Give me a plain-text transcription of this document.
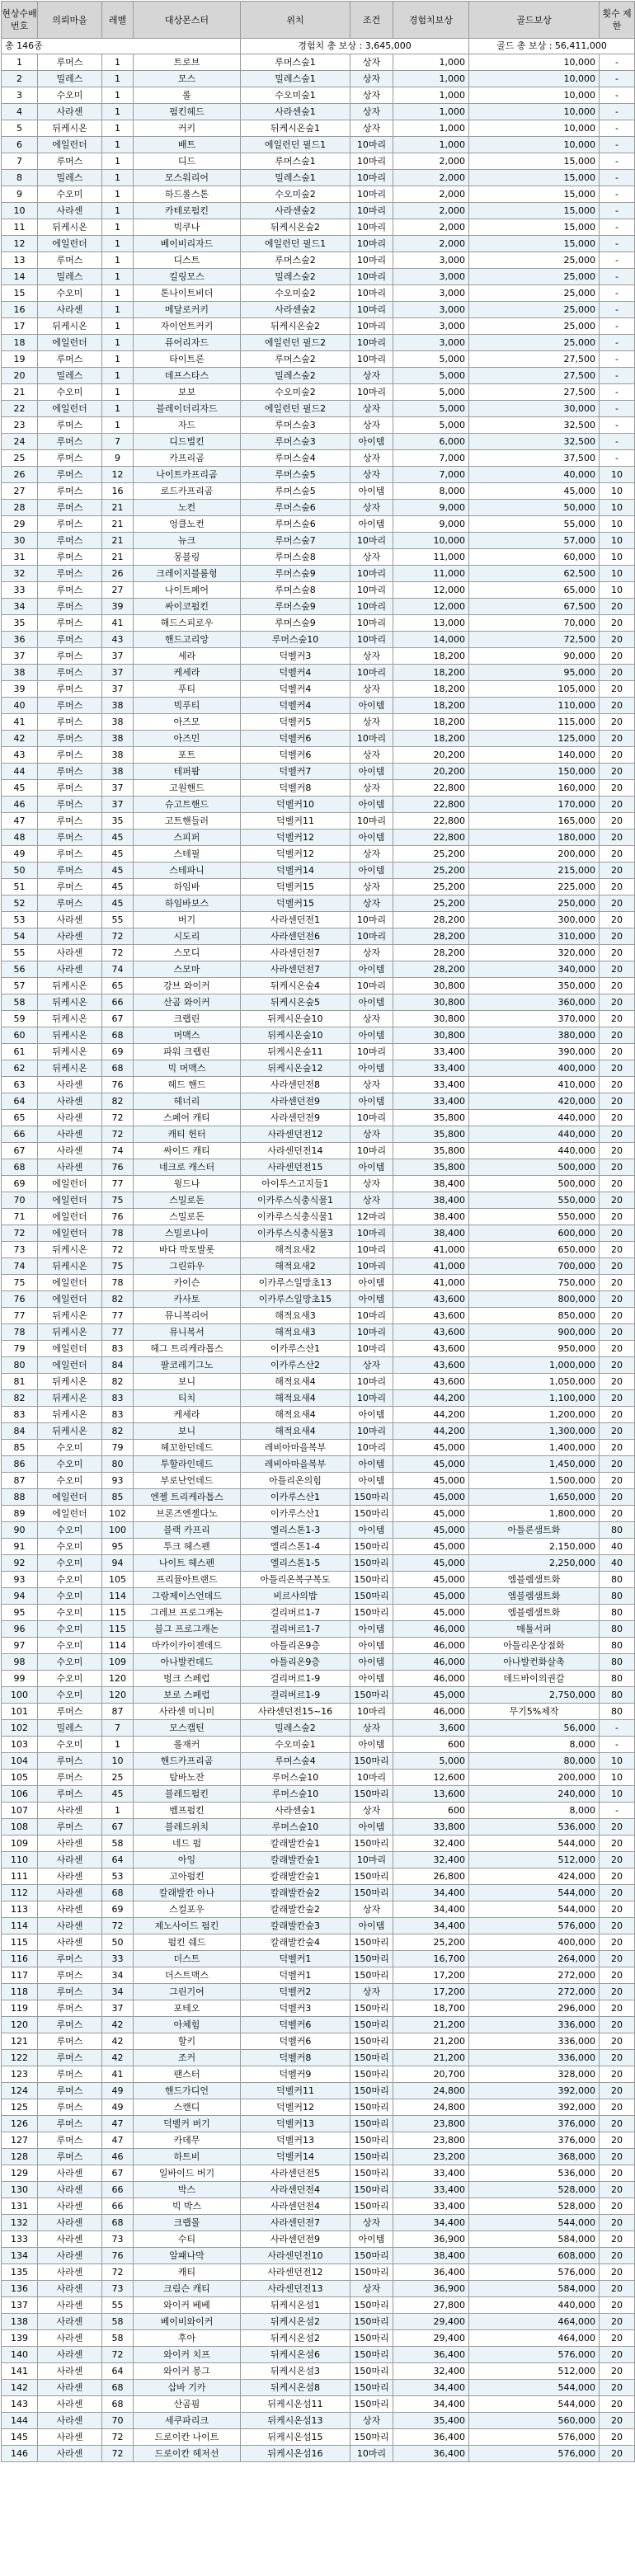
현상수배 번호	의뢰마을	레벨	대상몬스터	위치	조건	경험치보상	골드보상	횟수 제한
총 146종				경험치 총 보상 : 3,645,000			골드 총 보상 : 56,411,000	
1	루머스	1	트로브	루머스숲1	상자	1,000	10,000	-
2	밀레스	1	모스	밀레스숲1	상자	1,000	10,000	-
3	수오미	1	롤	수오미숲1	상자	1,000	10,000	-
4	사라센	1	펌킨헤드	사라센숲1	상자	1,000	10,000	-
5	뒤케시온	1	커키	뒤케시온숲1	상자	1,000	10,000	-
6	에일런더	1	배트	에일런던 필드1	10마리	1,000	10,000	-
7	루머스	1	디드	루머스숲1	10마리	2,000	15,000	-
8	밀레스	1	모스워리어	밀레스숲1	10마리	2,000	15,000	-
9	수오미	1	하드롤스톤	수오미숲2	10마리	2,000	15,000	-
10	사라센	1	카테로펌킨	사라센숲2	10마리	2,000	15,000	-
11	뒤케시온	1	빅쿠나	뒤케시온숲2	10마리	2,000	15,000	-
12	에일런더	1	베이비리자드	에일런던 필드1	10마리	2,000	15,000	-
13	루머스	1	디스트	루머스숲2	10마리	3,000	25,000	-
14	밀레스	1	킬링모스	밀레스숲2	10마리	3,000	25,000	-
15	수오미	1	톤나이트비더	수오미숲2	10마리	3,000	25,000	-
16	사라센	1	메달로커키	사라센숲2	10마리	3,000	25,000	-
17	뒤케시온	1	자이언트커키	뒤케시온숲2	10마리	3,000	25,000	-
18	에일런더	1	퓨어리자드	에일런던 필드2	10마리	3,000	25,000	-
19	루머스	1	타이트론	루머스숲2	10마리	5,000	27,500	-
20	밀레스	1	데프스타스	밀레스숲2	상자	5,000	27,500	-
21	수오미	1	보보	수오미숲2	10마리	5,000	27,500	-
22	에일런더	1	블레이더리자드	에일런던 필드2	상자	5,000	30,000	-
23	루머스	1	자드	루머스숲3	상자	5,000	32,500	-
24	루머스	7	디드벌킨	루머스숲3	아이템	6,000	32,500	-
25	루머스	9	카프리곰	루머스숲4	상자	7,000	37,500	-
26	루머스	12	나이트카프리곰	루머스숲5	상자	7,000	40,000	10
27	루머스	16	로드카프리곰	루머스숲5	아이템	8,000	45,000	10
28	루머스	21	노컨	루머스숲6	상자	9,000	50,000	10
29	루머스	21	엉클노컨	루머스숲6	아이템	9,000	55,000	10
30	루머스	21	뉴크	루머스숲7	10마리	10,000	57,000	10
31	루머스	21	몽블링	루머스숲8	상자	11,000	60,000	10
32	루머스	26	크레이지블룸헝	루머스숲9	10마리	11,000	62,500	10
33	루머스	27	나이트페어	루머스숲8	10마리	12,000	65,000	10
34	루머스	39	싸이코펌킨	루머스숲9	10마리	12,000	67,500	20
35	루머스	41	해드스피로우	루머스숲9	10마리	13,000	70,000	20
36	루머스	43	핸드고리앙	루머스숲10	10마리	14,000	72,500	20
37	루머스	37	세라	덕벨커3	상자	18,200	90,000	20
38	루머스	37	케세라	덕벨커4	10마리	18,200	95,000	20
39	루머스	37	푸티	덕벨커4	상자	18,200	105,000	20
40	루머스	38	빅푸티	덕벨커4	아이템	18,200	110,000	20
41	루머스	38	아즈모	덕벨커5	상자	18,200	115,000	20
42	루머스	38	아즈민	덕벨커6	10마리	18,200	125,000	20
43	루머스	38	포트	덕벨커6	상자	20,200	140,000	20
44	루머스	38	테퍼팜	덕벨커7	아이템	20,200	150,000	20
45	루머스	37	고원핸드	덕벨커8	상자	22,800	160,000	20
46	루머스	37	슈고트핸드	덕벨커10	아이템	22,800	170,000	20
47	루머스	35	고트핸들러	덕벨커11	10마리	22,800	165,000	20
48	루머스	45	스피퍼	덕벨커12	아이템	22,800	180,000	20
49	루머스	45	스테필	덕벨커12	상자	25,200	200,000	20
50	루머스	45	스테파니	덕벨커14	아이템	25,200	215,000	20
51	루머스	45	하임바	덕벨커15	상자	25,200	225,000	20
52	루머스	45	하임바보스	덕벨커15	상자	25,200	250,000	20
53	사라센	55	버기	사라센던전1	10마리	28,200	300,000	20
54	사라센	72	시도리	사라센던전6	10마리	28,200	310,000	20
55	사라센	72	스모디	사라센던전7	상자	28,200	320,000	20
56	사라센	74	스모마	사라센던전7	아이템	28,200	340,000	20
57	뒤케시온	65	강브 와이커	뒤케시온숲4	10마리	30,800	350,000	20
58	뒤케시온	66	산곰 와이커	뒤케시온숲5	아이템	30,800	360,000	20
59	뒤케시온	67	크랩린	뒤케시온숲10	상자	30,800	370,000	20
60	뒤케시온	68	머맥스	뒤케시온숲10	아이템	30,800	380,000	20
61	뒤케시온	69	파워 크랩린	뒤케시온숲11	10마리	33,400	390,000	20
62	뒤케시온	68	빅 머맥스	뒤케시온숲12	아이템	33,400	400,000	20
63	사라센	76	헤드 핸드	사라센던전8	상자	33,400	410,000	20
64	사라센	82	헤너리	사라센던전9	아이템	33,400	420,000	20
65	사라센	72	스페어 캐티	사라센던전9	10마리	35,800	440,000	20
66	사라센	72	캐티 헌터	사라센던전12	상자	35,800	440,000	20
67	사라센	74	싸이드 캐티	사라센던전14	10마리	35,800	440,000	20
68	사라센	76	네크로 캐스터	사라센던전15	아이템	35,800	500,000	20
69	에일런더	77	윙드나	아이투스고지들1	상자	38,400	500,000	20
70	에일런더	75	스밀로돈	이카루스식충식물1	상자	38,400	550,000	20
71	에일런더	76	스밀로돈	이카루스식충식물1	12마리	38,400	550,000	20
72	에일런더	78	스밀로나이	이카루스식충식물3	10마리	38,400	600,000	20
73	뒤케시온	72	바다 막토발롯	해적요새2	10마리	41,000	650,000	20
74	뒤케시온	75	그린하우	해적요새2	10마리	41,000	700,000	20
75	에일런더	78	카이슨	이카루스일망초13	아이템	41,000	750,000	20
76	에일런더	82	카사토	이카루스일망초15	아이템	43,600	800,000	20
77	뒤케시온	77	뮤니복리어	해적요새3	10마리	43,600	850,000	20
78	뒤케시온	77	뮤니복서	해적요새3	10마리	43,600	900,000	20
79	에일런더	83	헤그 트리케라톱스	이카루스산1	10마리	43,600	950,000	20
80	에일런더	84	팔코레기그노	이카루스산2	상자	43,600	1,000,000	20
81	뒤케시온	82	보니	해적요새4	10마리	43,600	1,050,000	20
82	뒤케시온	83	티치	해적요새4	10마리	44,200	1,100,000	20
83	뒤케시온	83	케세라	해적요새4	아이템	44,200	1,200,000	20
84	뒤케시온	82	보니	해적요새4	10마리	44,200	1,300,000	20
85	수오미	79	헤꼬한던데드	레비아마을복부	10마리	45,000	1,400,000	20
86	수오미	80	투할라인데드	레비아마을복부	아이템	45,000	1,450,000	20
87	수오미	93	부로난언데드	아틀리온의힘	아이템	45,000	1,500,000	20
88	에일런더	85	엔젤 트리케라톱스	이카루스산1	150마리	45,000	1,650,000	20
89	에일런더	102	브론즈엔젤다노	이카루스산1	150마리	45,000	1,800,000	20
90	수오미	100	블랙 카프리	엘리스톤1-3	아이템	45,000	아틀론샘트화	80
91	수오미	95	투크 헤스펜	엘리스톤1-4	150마리	45,000	2,150,000	40
92	수오미	94	나이트 헤스펜	엘리스톤1-5	150마리	45,000	2,250,000	40
93	수오미	105	프리뮬아트랜드	아틀리온복구복도	150마리	45,000	엠블렘샘트화	80
94	수오미	114	그랑제이스언데드	비르샤의밥	150마리	45,000	엠블렘샘트화	80
95	수오미	115	그레브 프로그캐논	걸리버르1-7	150마리	45,000	엠블렘샘트화	80
96	수오미	115	블그 프로그캐논	걸리버르1-7	아이템	46,000	매툴서퍼	80
97	수오미	114	마카이카이젠데드	아틀리온9층	아이템	46,000	아틀리온상점화	80
98	수오미	109	아나발컨데드	아틀리온9층	아이템	46,000	아나발컨화살촉	80
99	수오미	120	벙크 스페럽	걸리버르1-9	아이템	46,000	데드바이의권갈	80
100	수오미	120	보로 스페럽	걸리버르1-9	150마리	45,000	2,750,000	80
101	루머스	87	사라센 미니미	사라센던전15~16	10마리	46,000	무기5%제작	80
102	밀레스	7	모스캡틴	밀레스숲2	상자	3,600	56,000	-
103	수오미	1	롤재커	수오미숲1	아이템	600	8,000	-
104	루머스	10	핸드카프리곰	루머스숲4	150마리	5,000	80,000	10
105	루머스	25	탐바노잔	루머스숲10	10마리	12,600	200,000	10
106	루머스	45	블레드펌킨	루머스숲10	150마리	13,600	240,000	10
107	사라센	1	벰프펌킨	사라센숲1	상자	600	8,000	-
108	루머스	67	블레드위치	루머스숲10	아이템	33,800	536,000	20
109	사라센	58	네드 펌	칼래발칸숲1	150마리	32,400	544,000	20
110	사라센	64	아잉	칼래발칸숲1	10마리	32,400	512,000	20
111	사라센	53	고아펌킨	칼래발칸숲1	150마리	26,800	424,000	20
112	사라센	68	칼래발칸 아나	칼래발칸숲2	150마리	34,400	544,000	20
113	사라센	69	스컬포우	칼래발칸숲2	상자	34,400	544,000	20
114	사라센	72	제노사이드 펌킨	칼래발칸숲3	아이템	34,400	576,000	20
115	사라센	50	펌킨 쉐드	칼래발칸숲4	150마리	25,200	400,000	20
116	루머스	33	더스트	덕벨커1	150마리	16,700	264,000	20
117	루머스	34	더스트맥스	덕벨커1	150마리	17,200	272,000	20
118	루머스	34	그린기어	덕벨커2	상자	17,200	272,000	20
119	루머스	37	포테오	덕벨커3	150마리	18,700	296,000	20
120	루머스	42	아체힘	덕벨커6	150마리	21,200	336,000	20
121	루머스	42	할키	덕벨커6	150마리	21,200	336,000	20
122	루머스	42	조커	덕벨커8	150마리	21,200	336,000	20
123	루머스	41	팬스터	덕벨커9	150마리	20,700	328,000	20
124	루머스	49	핸드가디언	덕벨커11	150마리	24,800	392,000	20
125	루머스	49	스캔디	덕벨커12	150마리	24,800	392,000	20
126	루머스	47	덕벨커 버기	덕벨커13	150마리	23,800	376,000	20
127	루머스	47	카데무	덕벨커13	150마리	23,800	376,000	20
128	루머스	46	하트비	덕벨커14	150마리	23,200	368,000	20
129	사라센	67	일바이드 버기	사라센던전5	150마리	33,400	536,000	20
130	사라센	66	박스	사라센던전4	150마리	33,400	528,000	20
131	사라센	66	빅 박스	사라센던전4	150마리	33,400	528,000	20
132	사라센	68	크랩몰	사라센던전7	상자	34,400	544,000	20
133	사라센	73	수티	사라센던전9	아이템	36,900	584,000	20
134	사라센	76	알패나막	사라센던전10	150마리	38,400	608,000	20
135	사라센	72	캐티	사라센던전12	150마리	36,400	576,000	20
136	사라센	73	크림슨 캐티	사라센던전13	상자	36,900	584,000	20
137	사라센	55	와이커 베베	뒤케시온섬1	150마리	27,800	440,000	20
138	사라센	58	베이비와이커	뒤케시온섬2	150마리	29,400	464,000	20
139	사라센	58	후아	뒤케시온섬2	150마리	29,400	464,000	20
140	사라센	72	와이커 치프	뒤케시온섬6	150마리	36,400	576,000	20
141	사라센	64	와이커 봉그	뒤케시온섬3	150마리	32,400	512,000	20
142	사라센	68	삽바 기카	뒤케시온섬8	150마리	34,400	544,000	20
143	사라센	68	산곰핌	뒤케시온섬11	150마리	34,400	544,000	20
144	사라센	70	세쿠파리크	뒤케시온섬13	상자	35,400	560,000	20
145	사라센	72	드로이칸 나이트	뒤케시온섬15	150마리	36,400	576,000	20
146	사라센	72	드로이칸 헤저선	뒤케시온섬16	10마리	36,400	576,000	20
